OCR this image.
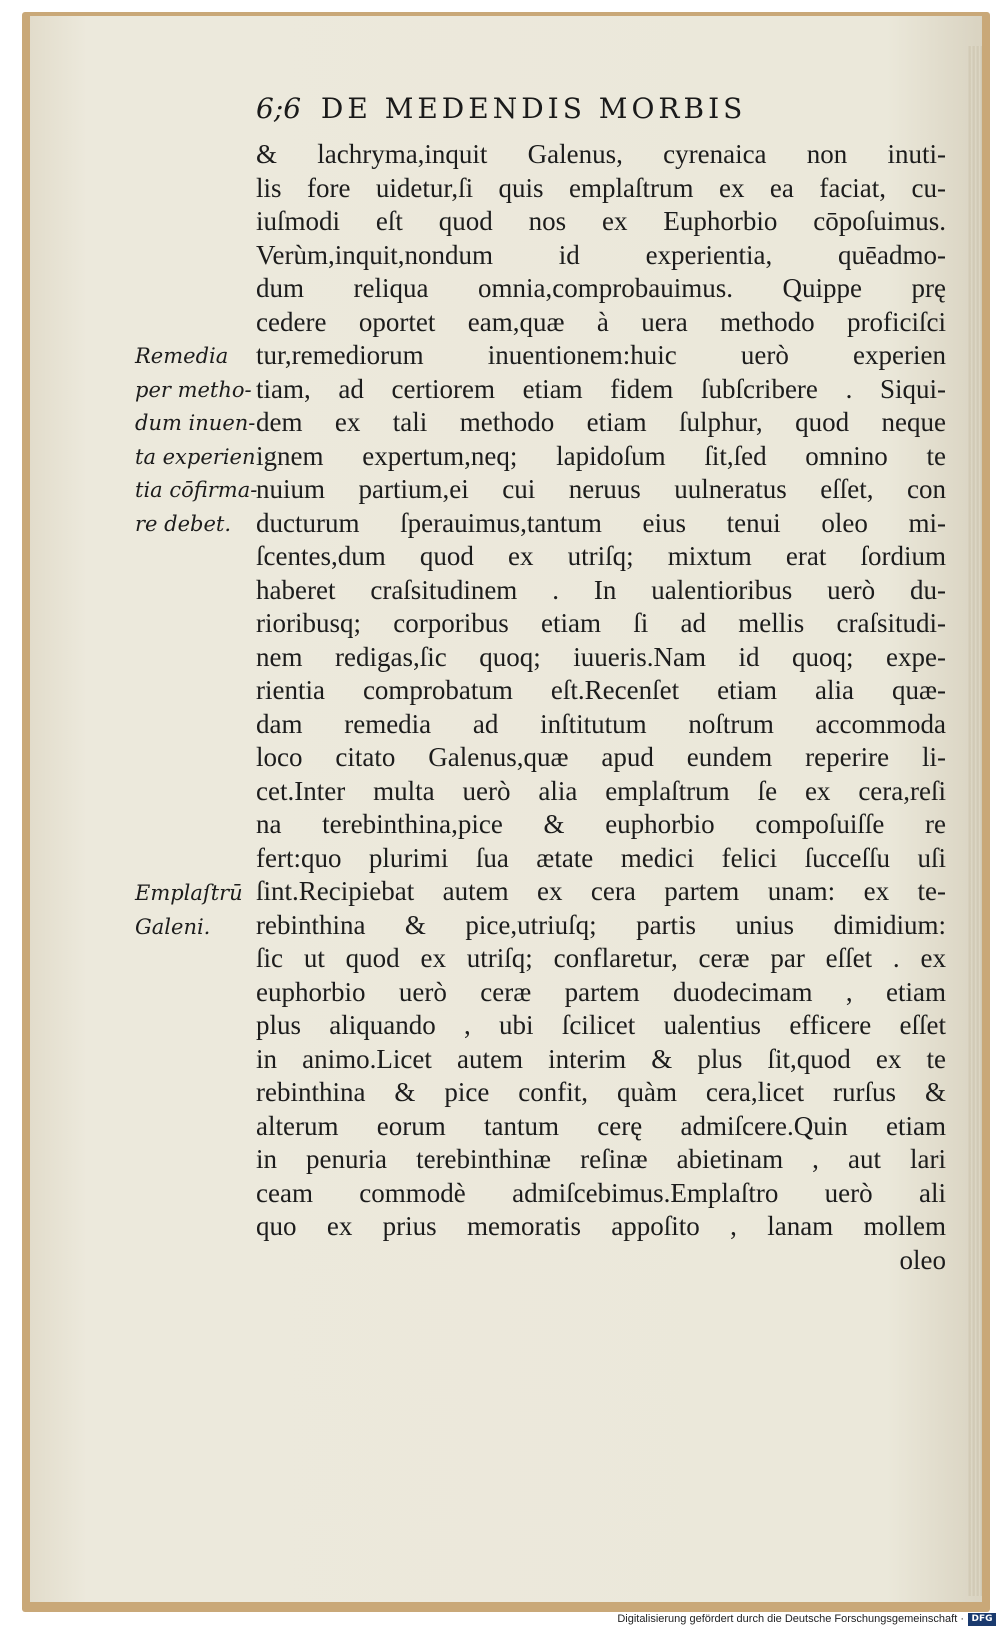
6;6 DE MEDENDIS MORBIS
& lachryma,inquit Galenus, cyrenaica non inuti-
lis fore uidetur,ſi quis emplaſtrum ex ea faciat, cu-
iuſmodi eſt quod nos ex Euphorbio cōpoſuimus.
Verùm,inquit,nondum id experientia, quēadmo-
dum reliqua omnia,comprobauimus. Quippe prę
cedere oportet eam,quæ à uera methodo proficiſci
tur,remediorum inuentionem:huic uerò experien
tiam, ad certiorem etiam fidem ſubſcribere . Siqui-
dem ex tali methodo etiam ſulphur, quod neque
ignem expertum,neq; lapidoſum ſit,ſed omnino te
nuium partium,ei cui neruus uulneratus eſſet, con
ducturum ſperauimus,tantum eius tenui oleo mi-
ſcentes,dum quod ex utriſq; mixtum erat ſordium
haberet craſsitudinem . In ualentioribus uerò du-
rioribusq; corporibus etiam ſi ad mellis craſsitudi-
nem redigas,ſic quoq; iuueris.Nam id quoq; expe-
rientia comprobatum eſt.Recenſet etiam alia quæ-
dam remedia ad inſtitutum noſtrum accommoda
loco citato Galenus,quæ apud eundem reperire li-
cet.Inter multa uerò alia emplaſtrum ſe ex cera,reſi
na terebinthina,pice & euphorbio compoſuiſſe re
fert:quo plurimi ſua ætate medici felici ſucceſſu uſi
ſint.Recipiebat autem ex cera partem unam: ex te-
rebinthina & pice,utriuſq; partis unius dimidium:
ſic ut quod ex utriſq; conflaretur, ceræ par eſſet . ex
euphorbio uerò ceræ partem duodecimam , etiam
plus aliquando , ubi ſcilicet ualentius efficere eſſet
in animo.Licet autem interim & plus ſit,quod ex te
rebinthina & pice confit, quàm cera,licet rurſus &
alterum eorum tantum cerę admiſcere.Quin etiam
in penuria terebinthinæ reſinæ abietinam , aut lari
ceam commodè admiſcebimus.Emplaſtro uerò ali
quo ex prius memoratis appoſito , lanam mollem
oleo
Remedia
per metho-
dum inuen-
ta experien
tia cōfirma-
re debet.
Emplaſtrū
Galeni.
Digitalisierung gefördert durch die Deutsche Forschungsgemeinschaft · DFG
